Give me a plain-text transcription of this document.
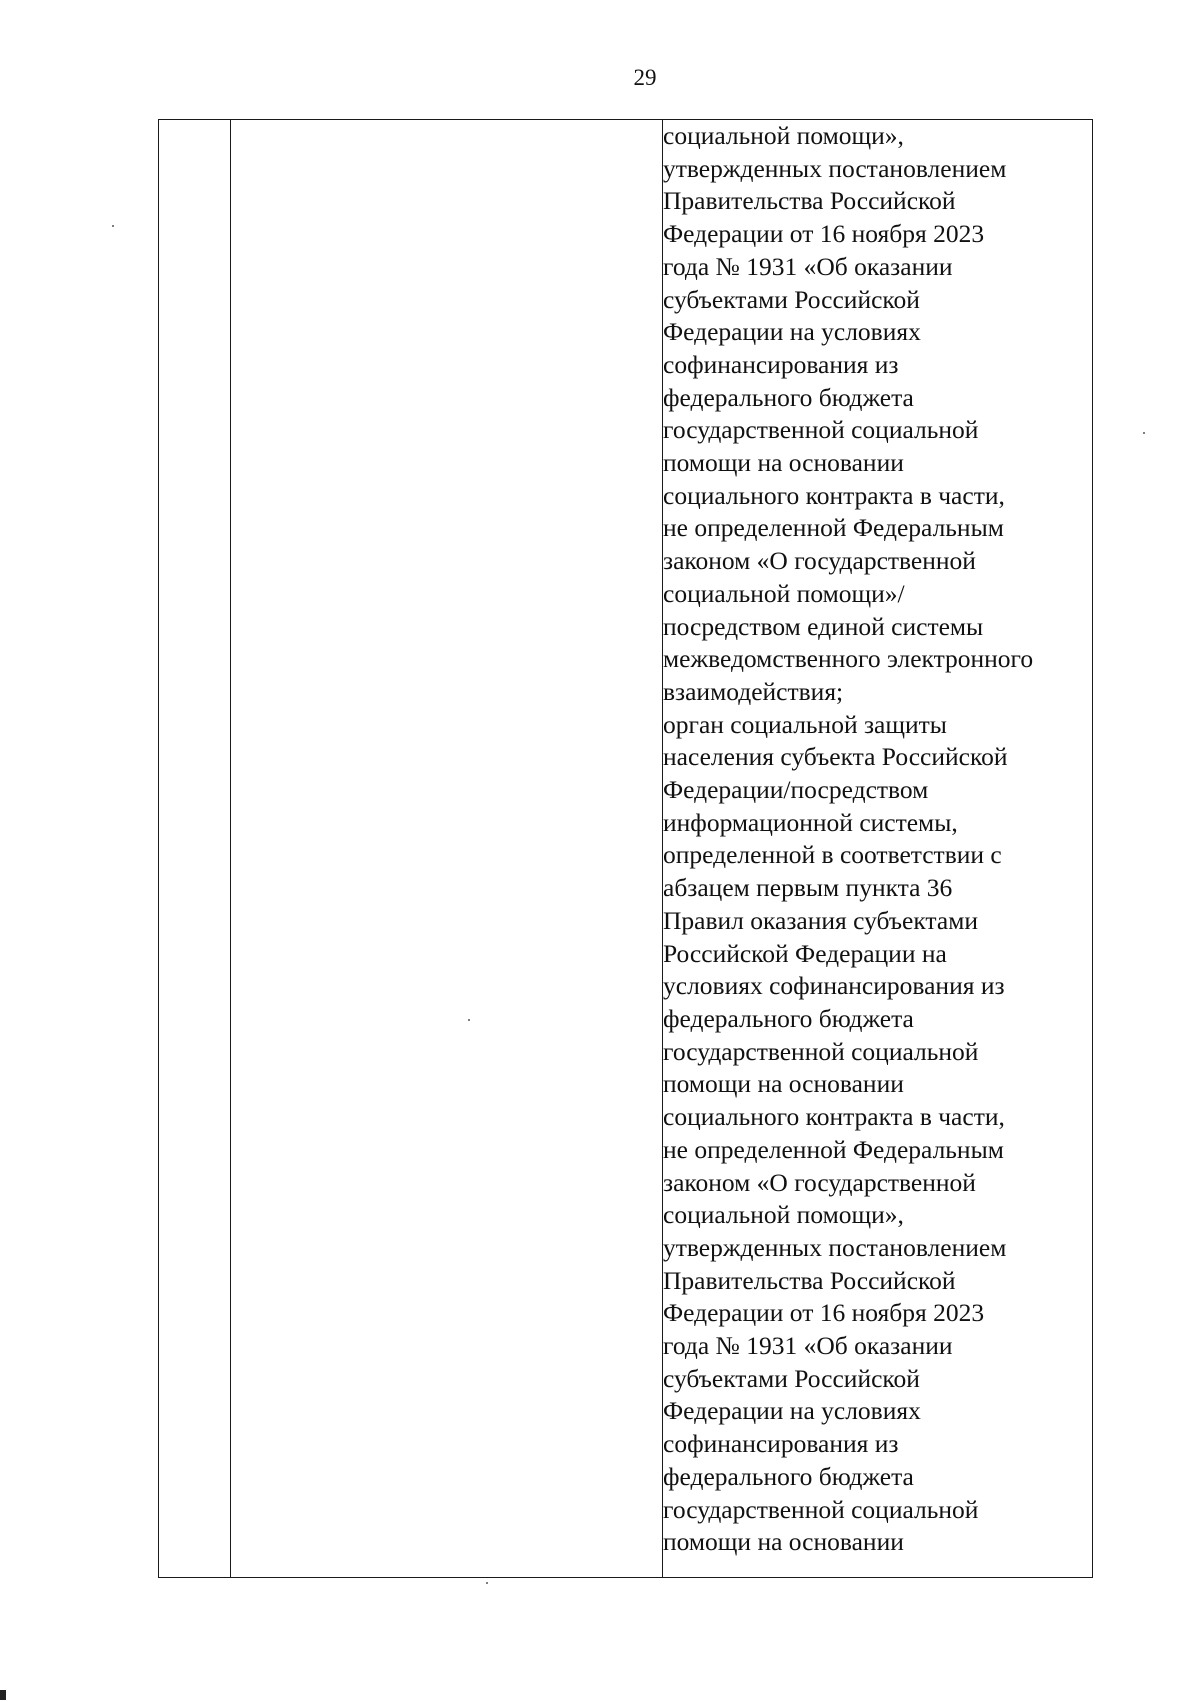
29

социальной помощи»,
утвержденных постановлением
Правительства Российской
Федерации от 16 ноября 2023
года № 1931 «Об оказании
субъектами Российской
Федерации на условиях
софинансирования из
федерального бюджета
государственной социальной
помощи на основании
социального контракта в части,
не определенной Федеральным
законом «О государственной
социальной помощи»/
посредством единой системы
межведомственного электронного
взаимодействия;
орган социальной защиты
населения субъекта Российской
Федерации/посредством
информационной системы,
определенной в соответствии с
абзацем первым пункта 36
Правил оказания субъектами
Российской Федерации на
условиях софинансирования из
федерального бюджета
государственной социальной
помощи на основании
социального контракта в части,
не определенной Федеральным
законом «О государственной
социальной помощи»,
утвержденных постановлением
Правительства Российской
Федерации от 16 ноября 2023
года № 1931 «Об оказании
субъектами Российской
Федерации на условиях
софинансирования из
федерального бюджета
государственной социальной
помощи на основании
